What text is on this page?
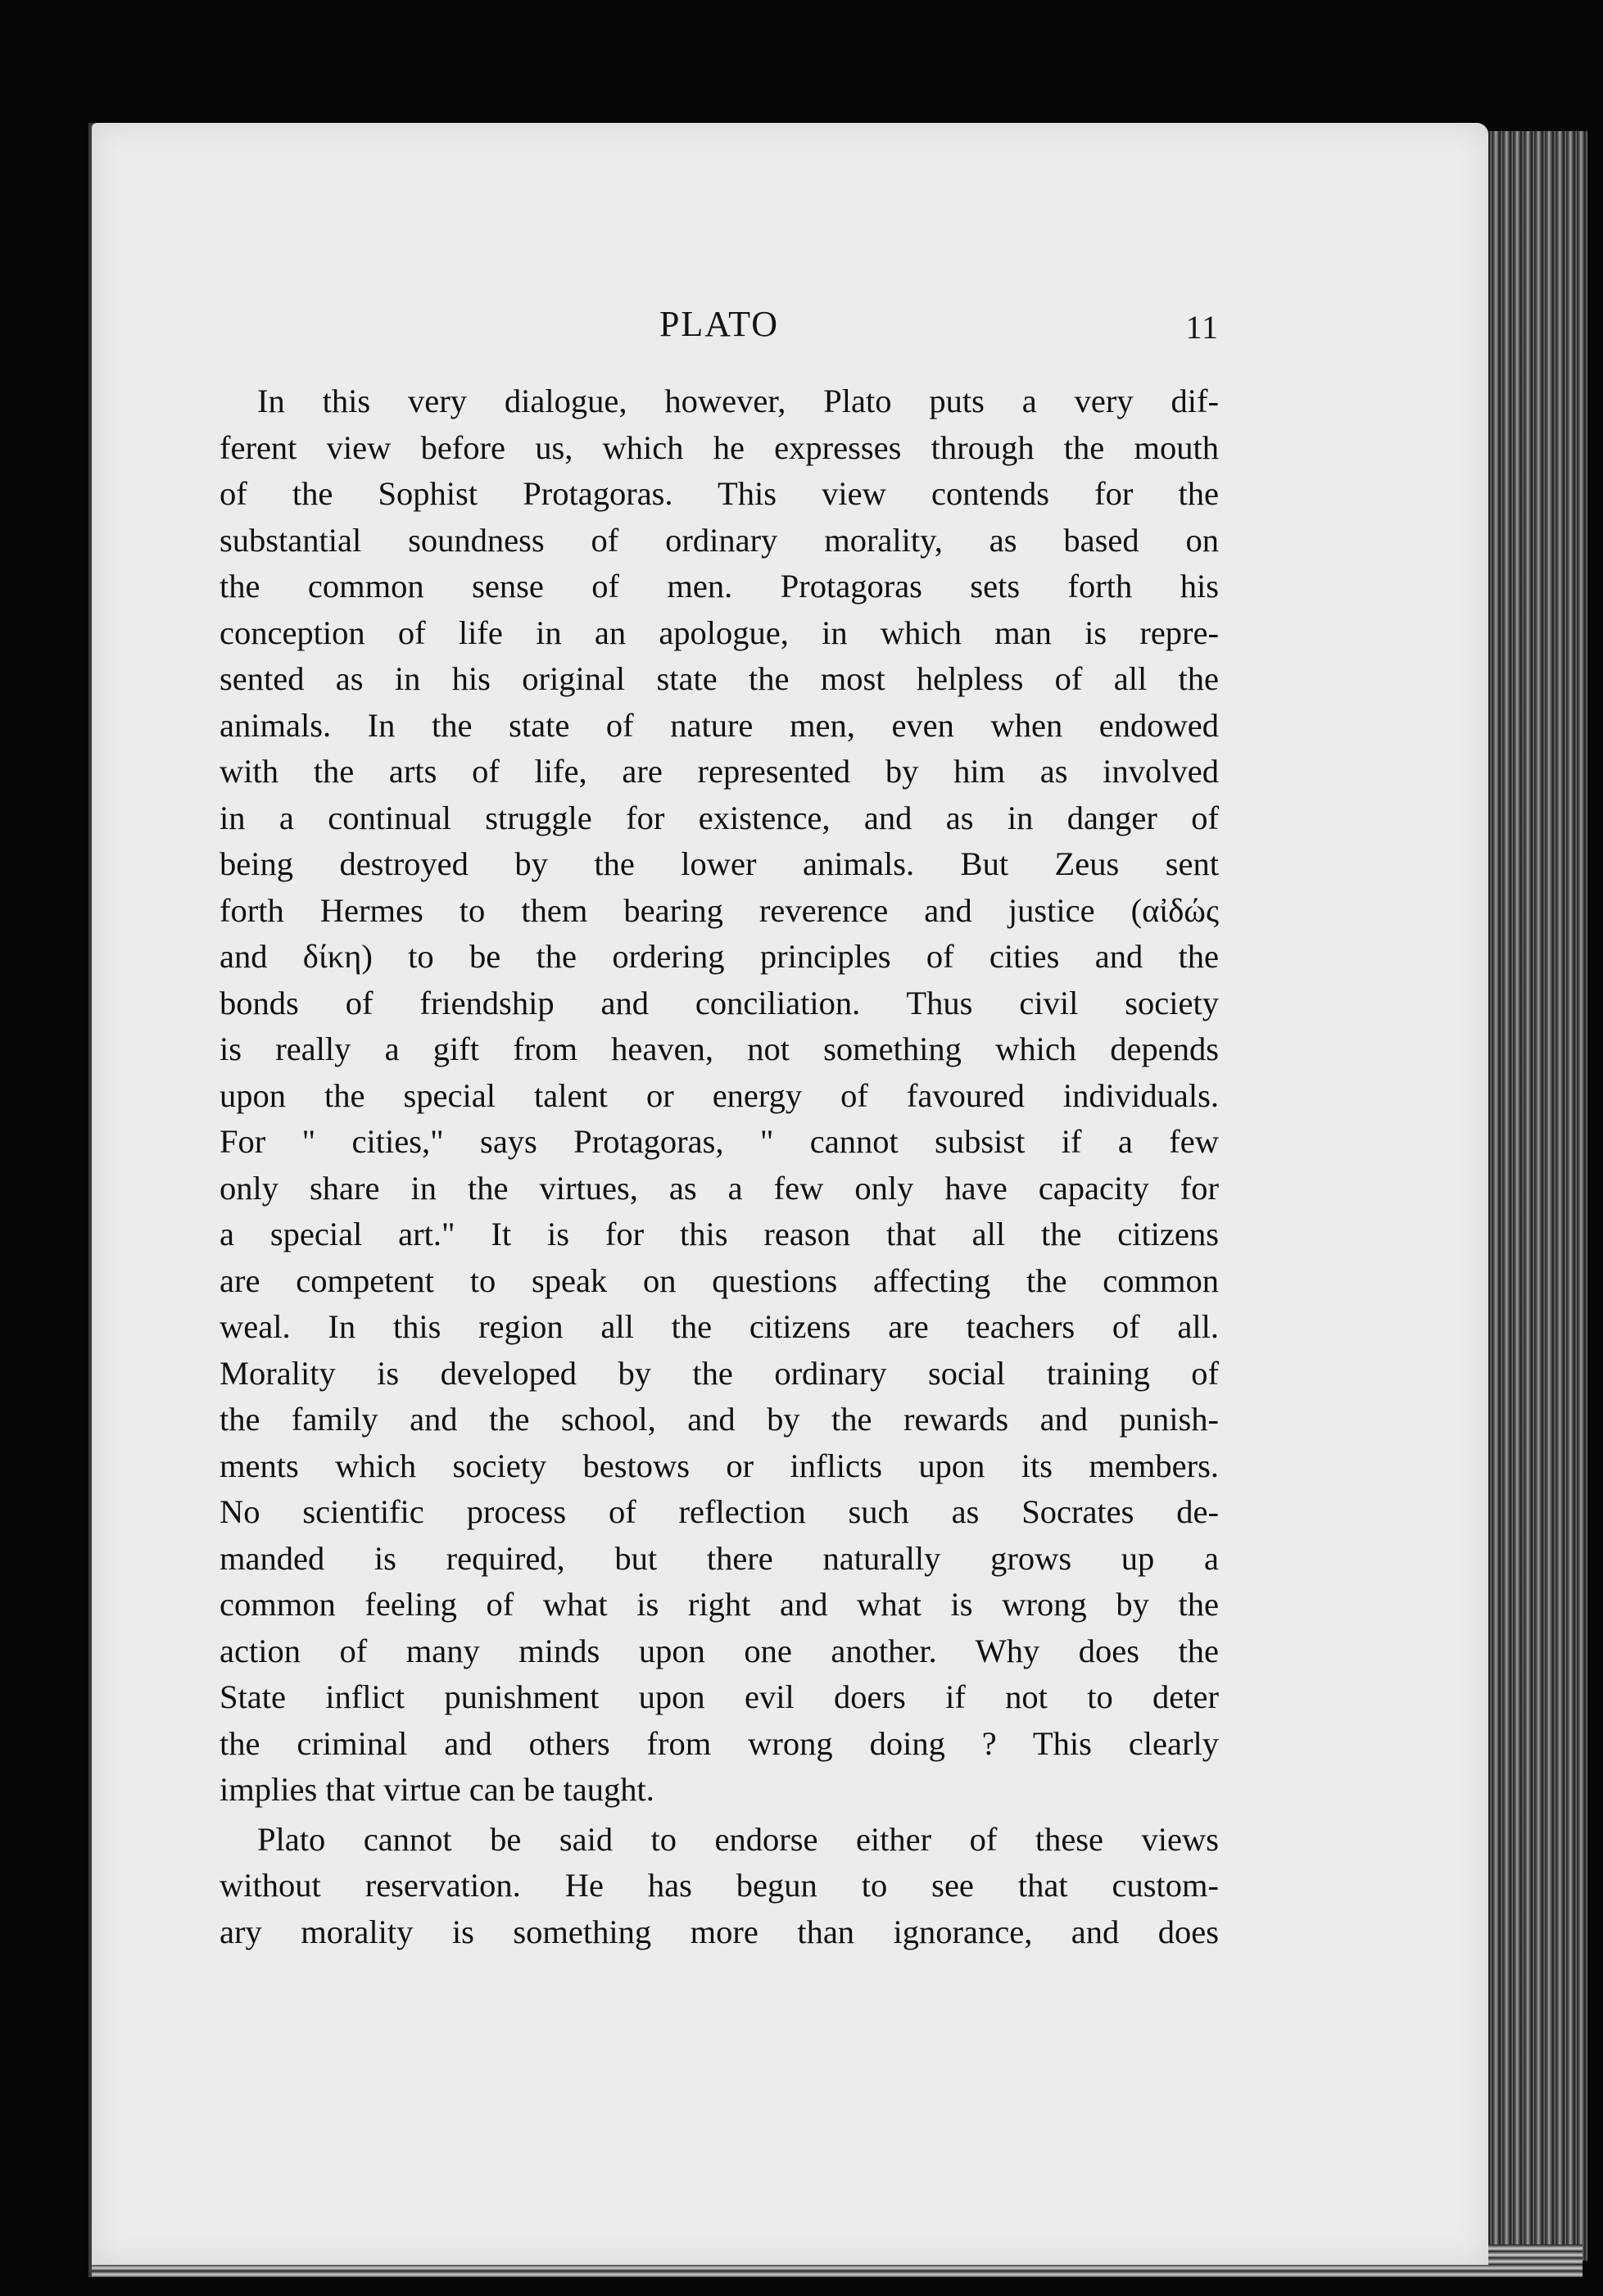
PLATO	11
In this very dialogue, however, Plato puts a very dif-
ferent view before us, which he expresses through the mouth
of the Sophist Protagoras. This view contends for the
substantial soundness of ordinary morality, as based on
the common sense of men. Protagoras sets forth his
conception of life in an apologue, in which man is repre-
sented as in his original state the most helpless of all the
animals. In the state of nature men, even when endowed
with the arts of life, are represented by him as involved
in a continual struggle for existence, and as in danger of
being destroyed by the lower animals. But Zeus sent
forth Hermes to them bearing reverence and justice (αἰδώς
and δίκη) to be the ordering principles of cities and the
bonds of friendship and conciliation. Thus civil society
is really a gift from heaven, not something which depends
upon the special talent or energy of favoured individuals.
For " cities," says Protagoras, " cannot subsist if a few
only share in the virtues, as a few only have capacity for
a special art." It is for this reason that all the citizens
are competent to speak on questions affecting the common
weal. In this region all the citizens are teachers of all.
Morality is developed by the ordinary social training of
the family and the school, and by the rewards and punish-
ments which society bestows or inflicts upon its members.
No scientific process of reflection such as Socrates de-
manded is required, but there naturally grows up a
common feeling of what is right and what is wrong by the
action of many minds upon one another. Why does the
State inflict punishment upon evil doers if not to deter
the criminal and others from wrong doing ? This clearly
implies that virtue can be taught.
Plato cannot be said to endorse either of these views
without reservation. He has begun to see that custom-
ary morality is something more than ignorance, and does
